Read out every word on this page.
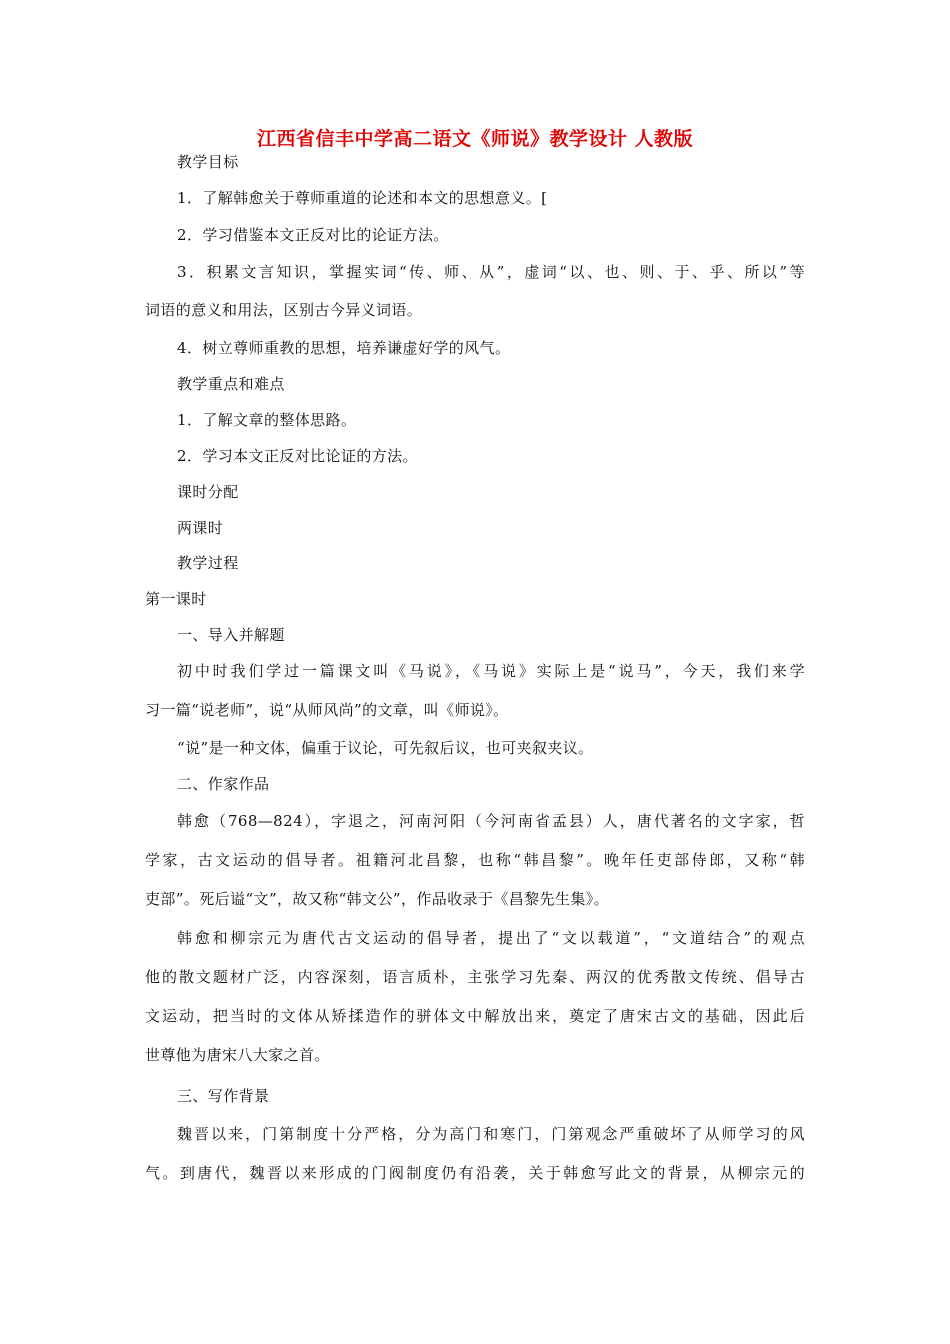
江西省信丰中学高二语文《师说》教学设计 人教版
教学目标
1．了解韩愈关于尊师重道的论述和本文的思想意义。[
2．学习借鉴本文正反对比的论证方法。
3．积累文言知识，掌握实词“传、师、从”，虚词“以、也、则、于、乎、所以”等
词语的意义和用法，区别古今异义词语。
4．树立尊师重教的思想，培养谦虚好学的风气。
教学重点和难点
1．了解文章的整体思路。
2．学习本文正反对比论证的方法。
课时分配
两课时
教学过程
第一课时
一、导入并解题
初中时我们学过一篇课文叫《马说》，《马说》实际上是“说马”，今天，我们来学
习一篇“说老师”，说“从师风尚”的文章，叫《师说》。
“说”是一种文体，偏重于议论，可先叙后议，也可夹叙夹议。
二、作家作品
韩愈（768—824），字退之，河南河阳（今河南省孟县）人，唐代著名的文字家，哲
学家，古文运动的倡导者。祖籍河北昌黎，也称“韩昌黎”。晚年任吏部侍郎，又称“韩
吏部”。死后谥“文”，故又称“韩文公”，作品收录于《昌黎先生集》。
韩愈和柳宗元为唐代古文运动的倡导者，提出了“文以载道”，“文道结合”的观点
他的散文题材广泛，内容深刻，语言质朴，主张学习先秦、两汉的优秀散文传统、倡导古
文运动，把当时的文体从矫揉造作的骈体文中解放出来，奠定了唐宋古文的基础，因此后
世尊他为唐宋八大家之首。
三、写作背景
魏晋以来，门第制度十分严格，分为高门和寒门，门第观念严重破坏了从师学习的风
气。到唐代，魏晋以来形成的门阀制度仍有沿袭，关于韩愈写此文的背景，从柳宗元的
